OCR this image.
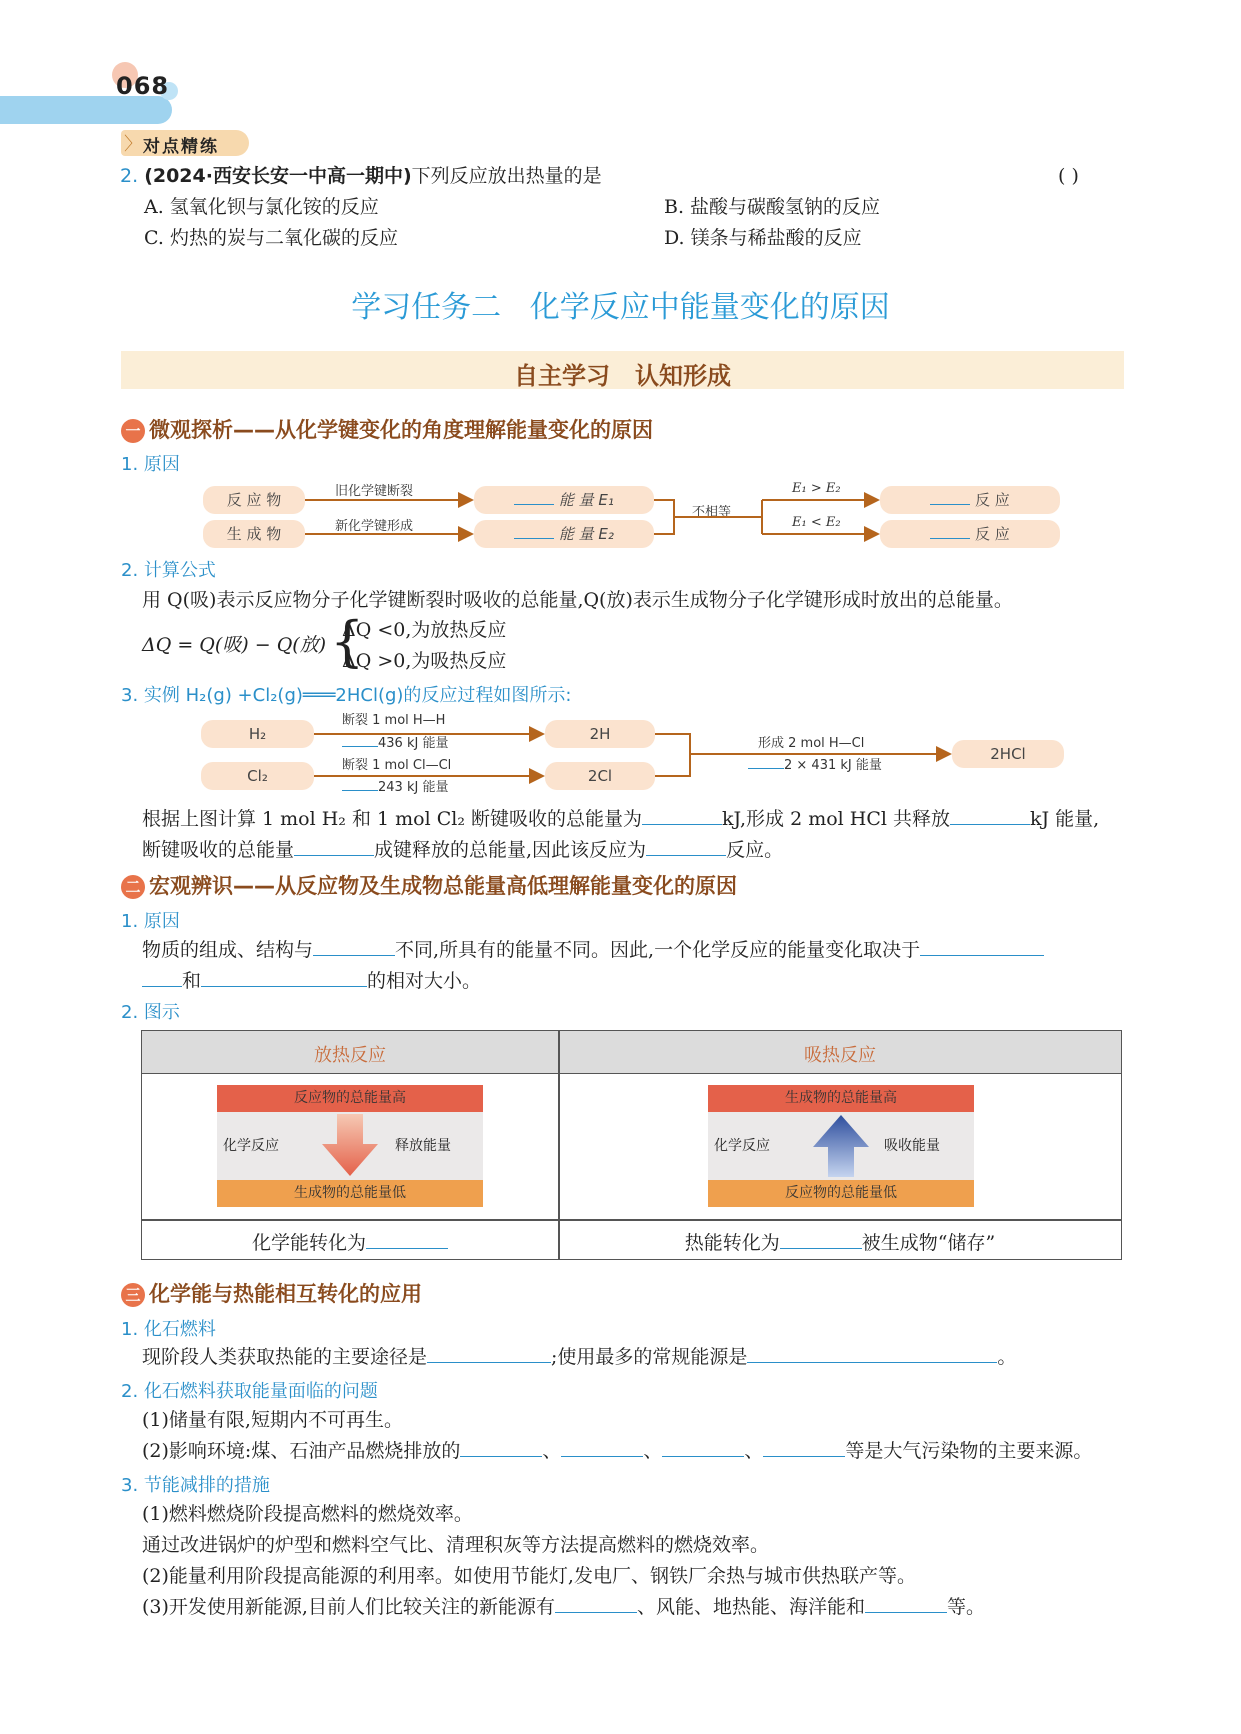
068
〉 对点精练
2. (2024·西安长安一中高一期中)下列反应放出热量的是	( )
A. 氢氧化钡与氯化铵的反应	B. 盐酸与碳酸氢钠的反应
C. 灼热的炭与二氧化碳的反应	D. 镁条与稀盐酸的反应
学习任务二   化学反应中能量变化的原因
自主学习   认知形成
一 微观探析——从化学键变化的角度理解能量变化的原因
1. 原因
反 应 物
生 成 物
旧化学键断裂
新化学键形成
能 量 E₁
能 量 E₂
不相等
E₁ > E₂
E₁ < E₂
反 应
反 应
2. 计算公式
用 Q(吸)表示反应物分子化学键断裂时吸收的总能量,Q(放)表示生成物分子化学键形成时放出的总能量。
ΔQ = Q(吸) − Q(放) {
ΔQ <0,为放热反应
ΔQ >0,为吸热反应
3. 实例 H₂(g) +Cl₂(g)═══2HCl(g)的反应过程如图所示:
H₂
Cl₂
断裂 1 mol H—H
436 kJ 能量
断裂 1 mol Cl—Cl
243 kJ 能量
2H
2Cl
形成 2 mol H—Cl
2 × 431 kJ 能量
2HCl
根据上图计算 1 mol H₂ 和 1 mol Cl₂ 断键吸收的总能量为	kJ,形成 2 mol HCl 共释放	kJ 能量,
断键吸收的总能量	成键释放的总能量,因此该反应为	反应。
二 宏观辨识——从反应物及生成物总能量高低理解能量变化的原因
1. 原因
物质的组成、结构与	不同,所具有的能量不同。因此,一个化学反应的能量变化取决于
和	的相对大小。
2. 图示
放热反应	吸热反应
反应物的总能量高
化学反应	释放能量
生成物的总能量低
生成物的总能量高
化学反应	吸收能量
反应物的总能量低
化学能转化为	热能转化为	被生成物“储存”
三 化学能与热能相互转化的应用
1. 化石燃料
现阶段人类获取热能的主要途径是	;使用最多的常规能源是	。
2. 化石燃料获取能量面临的问题
(1)储量有限,短期内不可再生。
(2)影响环境:煤、石油产品燃烧排放的	、	、	、	等是大气污染物的主要来源。
3. 节能减排的措施
(1)燃料燃烧阶段提高燃料的燃烧效率。
通过改进锅炉的炉型和燃料空气比、清理积灰等方法提高燃料的燃烧效率。
(2)能量利用阶段提高能源的利用率。如使用节能灯,发电厂、钢铁厂余热与城市供热联产等。
(3)开发使用新能源,目前人们比较关注的新能源有	、风能、地热能、海洋能和	等。
